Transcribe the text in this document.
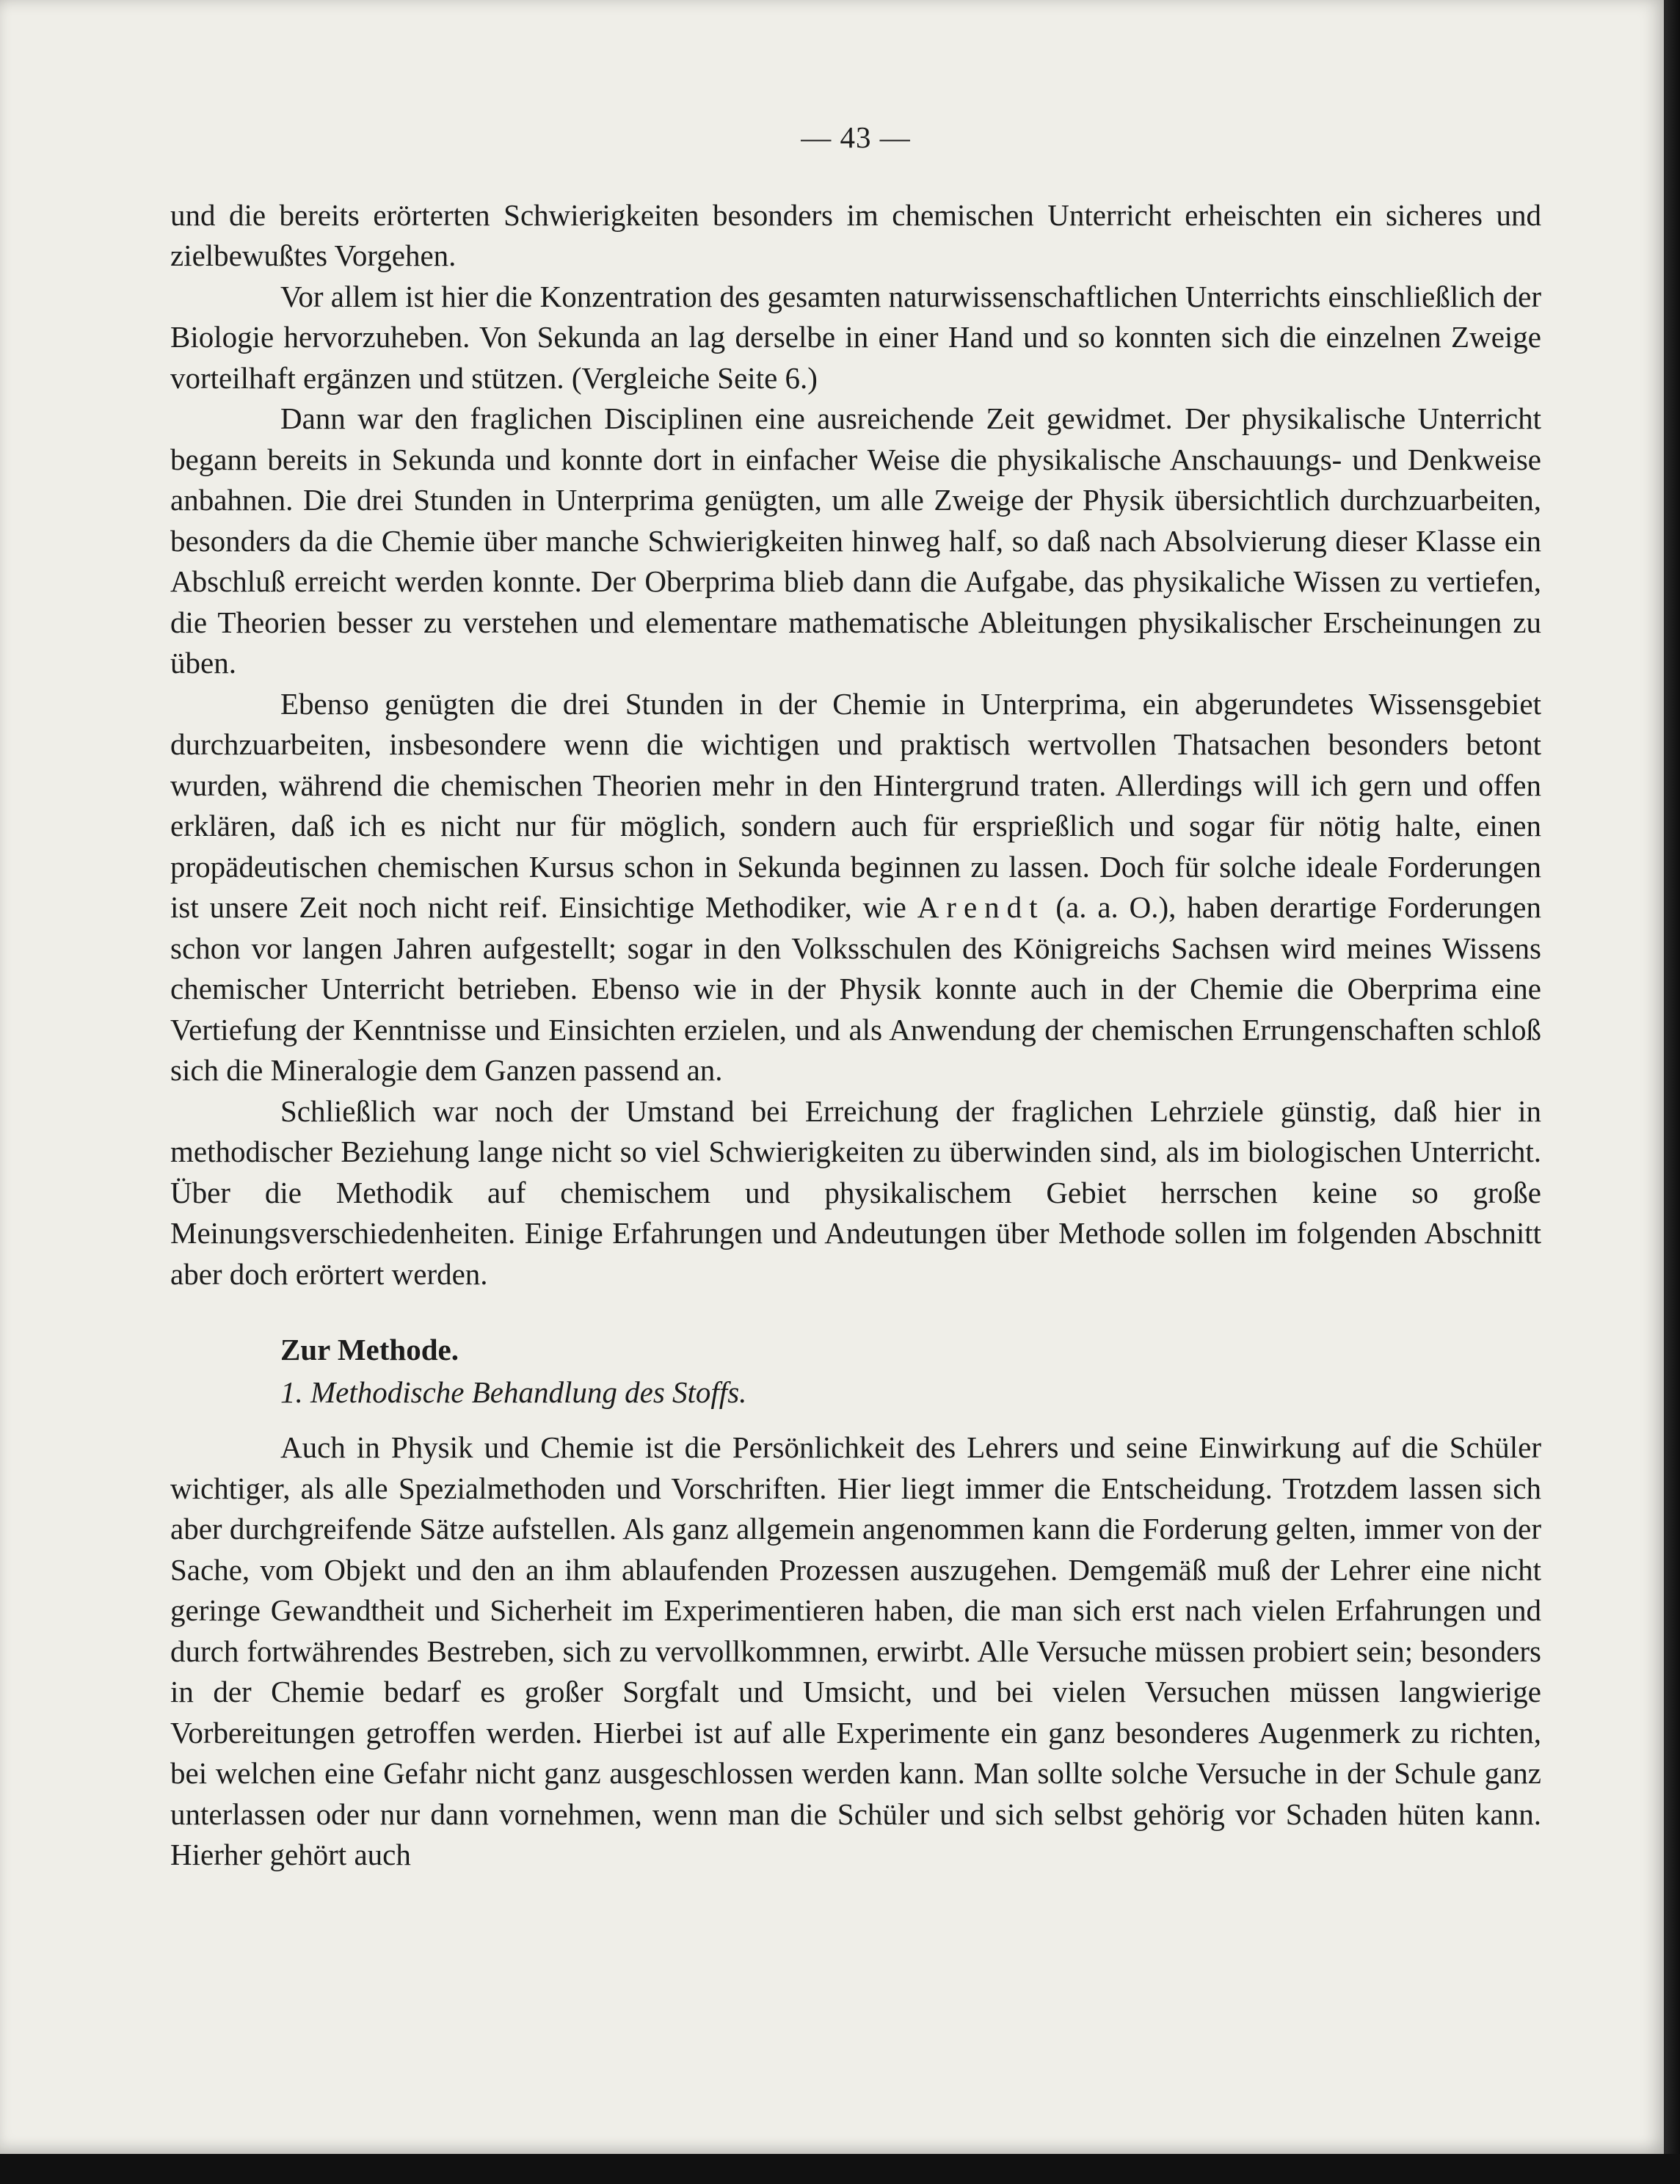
— 43 —

und die bereits erörterten Schwierigkeiten besonders im chemischen Unterricht erheischten ein sicheres und zielbewußtes Vorgehen.

Vor allem ist hier die Konzentration des gesamten naturwissenschaftlichen Unterrichts einschließlich der Biologie hervorzuheben. Von Sekunda an lag derselbe in einer Hand und so konnten sich die einzelnen Zweige vorteilhaft ergänzen und stützen. (Vergleiche Seite 6.)

Dann war den fraglichen Disciplinen eine ausreichende Zeit gewidmet. Der physikalische Unterricht begann bereits in Sekunda und konnte dort in einfacher Weise die physikalische Anschauungs- und Denkweise anbahnen. Die drei Stunden in Unterprima genügten, um alle Zweige der Physik übersichtlich durchzuarbeiten, besonders da die Chemie über manche Schwierigkeiten hinweg half, so daß nach Absolvierung dieser Klasse ein Abschluß erreicht werden konnte. Der Oberprima blieb dann die Aufgabe, das physikaliche Wissen zu vertiefen, die Theorien besser zu verstehen und elementare mathematische Ableitungen physikalischer Erscheinungen zu üben.

Ebenso genügten die drei Stunden in der Chemie in Unterprima, ein abgerundetes Wissensgebiet durchzuarbeiten, insbesondere wenn die wichtigen und praktisch wertvollen Thatsachen besonders betont wurden, während die chemischen Theorien mehr in den Hintergrund traten. Allerdings will ich gern und offen erklären, daß ich es nicht nur für möglich, sondern auch für ersprießlich und sogar für nötig halte, einen propädeutischen chemischen Kursus schon in Sekunda beginnen zu lassen. Doch für solche ideale Forderungen ist unsere Zeit noch nicht reif. Einsichtige Methodiker, wie Arendt (a. a. O.), haben derartige Forderungen schon vor langen Jahren aufgestellt; sogar in den Volksschulen des Königreichs Sachsen wird meines Wissens chemischer Unterricht betrieben. Ebenso wie in der Physik konnte auch in der Chemie die Oberprima eine Vertiefung der Kenntnisse und Einsichten erzielen, und als Anwendung der chemischen Errungenschaften schloß sich die Mineralogie dem Ganzen passend an.

Schließlich war noch der Umstand bei Erreichung der fraglichen Lehrziele günstig, daß hier in methodischer Beziehung lange nicht so viel Schwierigkeiten zu überwinden sind, als im biologischen Unterricht. Über die Methodik auf chemischem und physikalischem Gebiet herrschen keine so große Meinungsverschiedenheiten. Einige Erfahrungen und Andeutungen über Methode sollen im folgenden Abschnitt aber doch erörtert werden.

Zur Methode.
1. Methodische Behandlung des Stoffs.

Auch in Physik und Chemie ist die Persönlichkeit des Lehrers und seine Einwirkung auf die Schüler wichtiger, als alle Spezialmethoden und Vorschriften. Hier liegt immer die Entscheidung. Trotzdem lassen sich aber durchgreifende Sätze aufstellen. Als ganz allgemein angenommen kann die Forderung gelten, immer von der Sache, vom Objekt und den an ihm ablaufenden Prozessen auszugehen. Demgemäß muß der Lehrer eine nicht geringe Gewandtheit und Sicherheit im Experimentieren haben, die man sich erst nach vielen Erfahrungen und durch fortwährendes Bestreben, sich zu vervollkommnen, erwirbt. Alle Versuche müssen probiert sein; besonders in der Chemie bedarf es großer Sorgfalt und Umsicht, und bei vielen Versuchen müssen langwierige Vorbereitungen getroffen werden. Hierbei ist auf alle Experimente ein ganz besonderes Augenmerk zu richten, bei welchen eine Gefahr nicht ganz ausgeschlossen werden kann. Man sollte solche Versuche in der Schule ganz unterlassen oder nur dann vornehmen, wenn man die Schüler und sich selbst gehörig vor Schaden hüten kann. Hierher gehört auch
